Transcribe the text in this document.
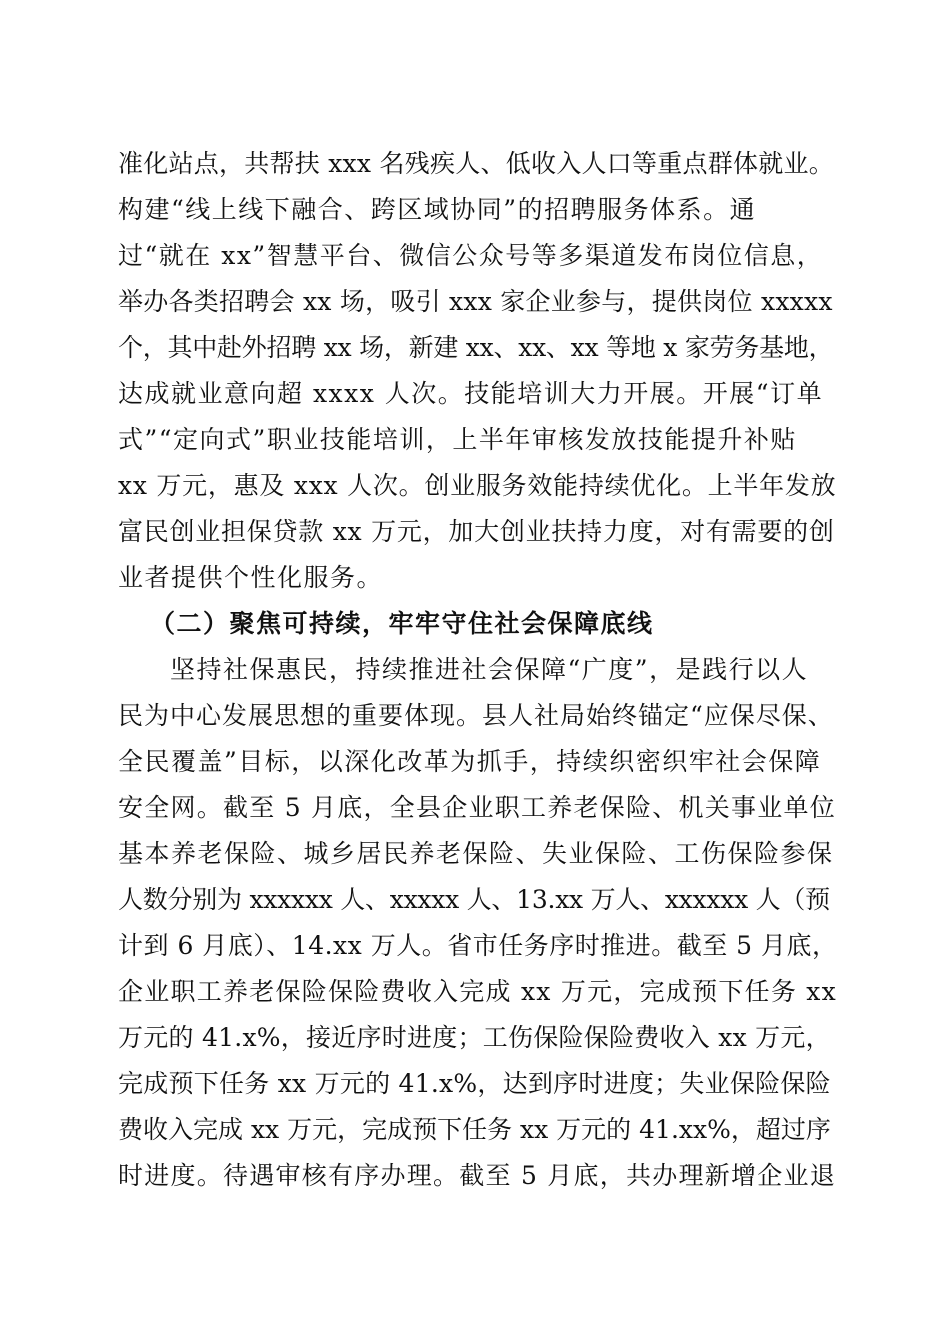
准化站点，共帮扶 xxx 名残疾人、低收入人口等重点群体就业。
构建“线上线下融合、跨区域协同”的招聘服务体系。通
过“就在 xx”智慧平台、微信公众号等多渠道发布岗位信息，
举办各类招聘会 xx 场，吸引 xxx 家企业参与，提供岗位 xxxxx
个，其中赴外招聘 xx 场，新建 xx、xx、xx 等地 x 家劳务基地，
达成就业意向超 xxxx 人次。技能培训大力开展。开展“订单
式”“定向式”职业技能培训，上半年审核发放技能提升补贴
xx 万元，惠及 xxx 人次。创业服务效能持续优化。上半年发放
富民创业担保贷款 xx 万元，加大创业扶持力度，对有需要的创
业者提供个性化服务。
（二）聚焦可持续，牢牢守住社会保障底线
坚持社保惠民，持续推进社会保障“广度”，是践行以人
民为中心发展思想的重要体现。县人社局始终锚定“应保尽保、
全民覆盖”目标，以深化改革为抓手，持续织密织牢社会保障
安全网。截至 5 月底，全县企业职工养老保险、机关事业单位
基本养老保险、城乡居民养老保险、失业保险、工伤保险参保
人数分别为 xxxxxx 人、xxxxx 人、13.xx 万人、xxxxxx 人（预
计到 6 月底）、14.xx 万人。省市任务序时推进。截至 5 月底，
企业职工养老保险保险费收入完成 xx 万元，完成预下任务 xx
万元的 41.x%，接近序时进度；工伤保险保险费收入 xx 万元，
完成预下任务 xx 万元的 41.x%，达到序时进度；失业保险保险
费收入完成 xx 万元，完成预下任务 xx 万元的 41.xx%，超过序
时进度。待遇审核有序办理。截至 5 月底，共办理新增企业退
